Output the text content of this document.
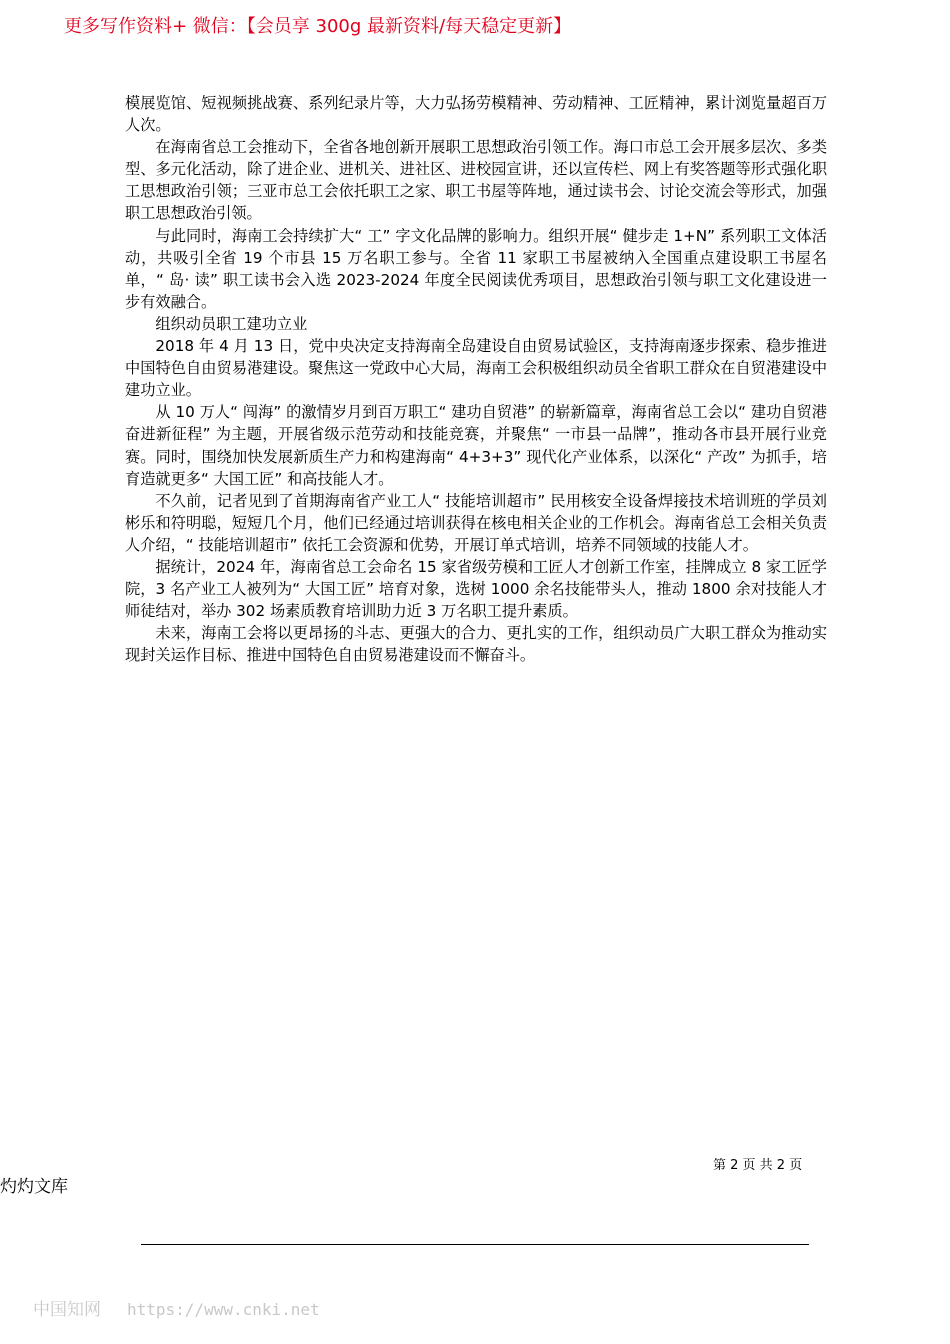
更多写作资料+ 微信：【会员享 300g 最新资料/每天稳定更新】

模展览馆、短视频挑战赛、系列纪录片等，大力弘扬劳模精神、劳动精神、工匠精神，累计浏览量超百万人次。

在海南省总工会推动下，全省各地创新开展职工思想政治引领工作。海口市总工会开展多层次、多类型、多元化活动，除了进企业、进机关、进社区、进校园宣讲，还以宣传栏、网上有奖答题等形式强化职工思想政治引领；三亚市总工会依托职工之家、职工书屋等阵地，通过读书会、讨论交流会等形式，加强职工思想政治引领。

与此同时，海南工会持续扩大“ 工” 字文化品牌的影响力。组织开展“ 健步走 1+N” 系列职工文体活动，共吸引全省 19 个市县 15 万名职工参与。全省 11 家职工书屋被纳入全国重点建设职工书屋名单，“ 岛· 读” 职工读书会入选 2023-2024 年度全民阅读优秀项目，思想政治引领与职工文化建设进一步有效融合。

组织动员职工建功立业

2018 年 4 月 13 日，党中央决定支持海南全岛建设自由贸易试验区，支持海南逐步探索、稳步推进中国特色自由贸易港建设。聚焦这一党政中心大局，海南工会积极组织动员全省职工群众在自贸港建设中建功立业。

从 10 万人“ 闯海” 的激情岁月到百万职工“ 建功自贸港” 的崭新篇章，海南省总工会以“ 建功自贸港　奋进新征程” 为主题，开展省级示范劳动和技能竞赛，并聚焦“ 一市县一品牌”，推动各市县开展行业竞赛。同时，围绕加快发展新质生产力和构建海南“ 4+3+3” 现代化产业体系，以深化“ 产改” 为抓手，培育造就更多“ 大国工匠” 和高技能人才。

不久前，记者见到了首期海南省产业工人“ 技能培训超市” 民用核安全设备焊接技术培训班的学员刘彬乐和符明聪，短短几个月，他们已经通过培训获得在核电相关企业的工作机会。海南省总工会相关负责人介绍，“ 技能培训超市” 依托工会资源和优势，开展订单式培训，培养不同领域的技能人才。

据统计，2024 年，海南省总工会命名 15 家省级劳模和工匠人才创新工作室，挂牌成立 8 家工匠学院，3 名产业工人被列为“ 大国工匠” 培育对象，选树 1000 余名技能带头人，推动 1800 余对技能人才师徒结对，举办 302 场素质教育培训助力近 3 万名职工提升素质。

未来，海南工会将以更昂扬的斗志、更强大的合力、更扎实的工作，组织动员广大职工群众为推动实现封关运作目标、推进中国特色自由贸易港建设而不懈奋斗。

第 2 页 共 2 页
灼灼文库
中国知网 https://www.cnki.net
